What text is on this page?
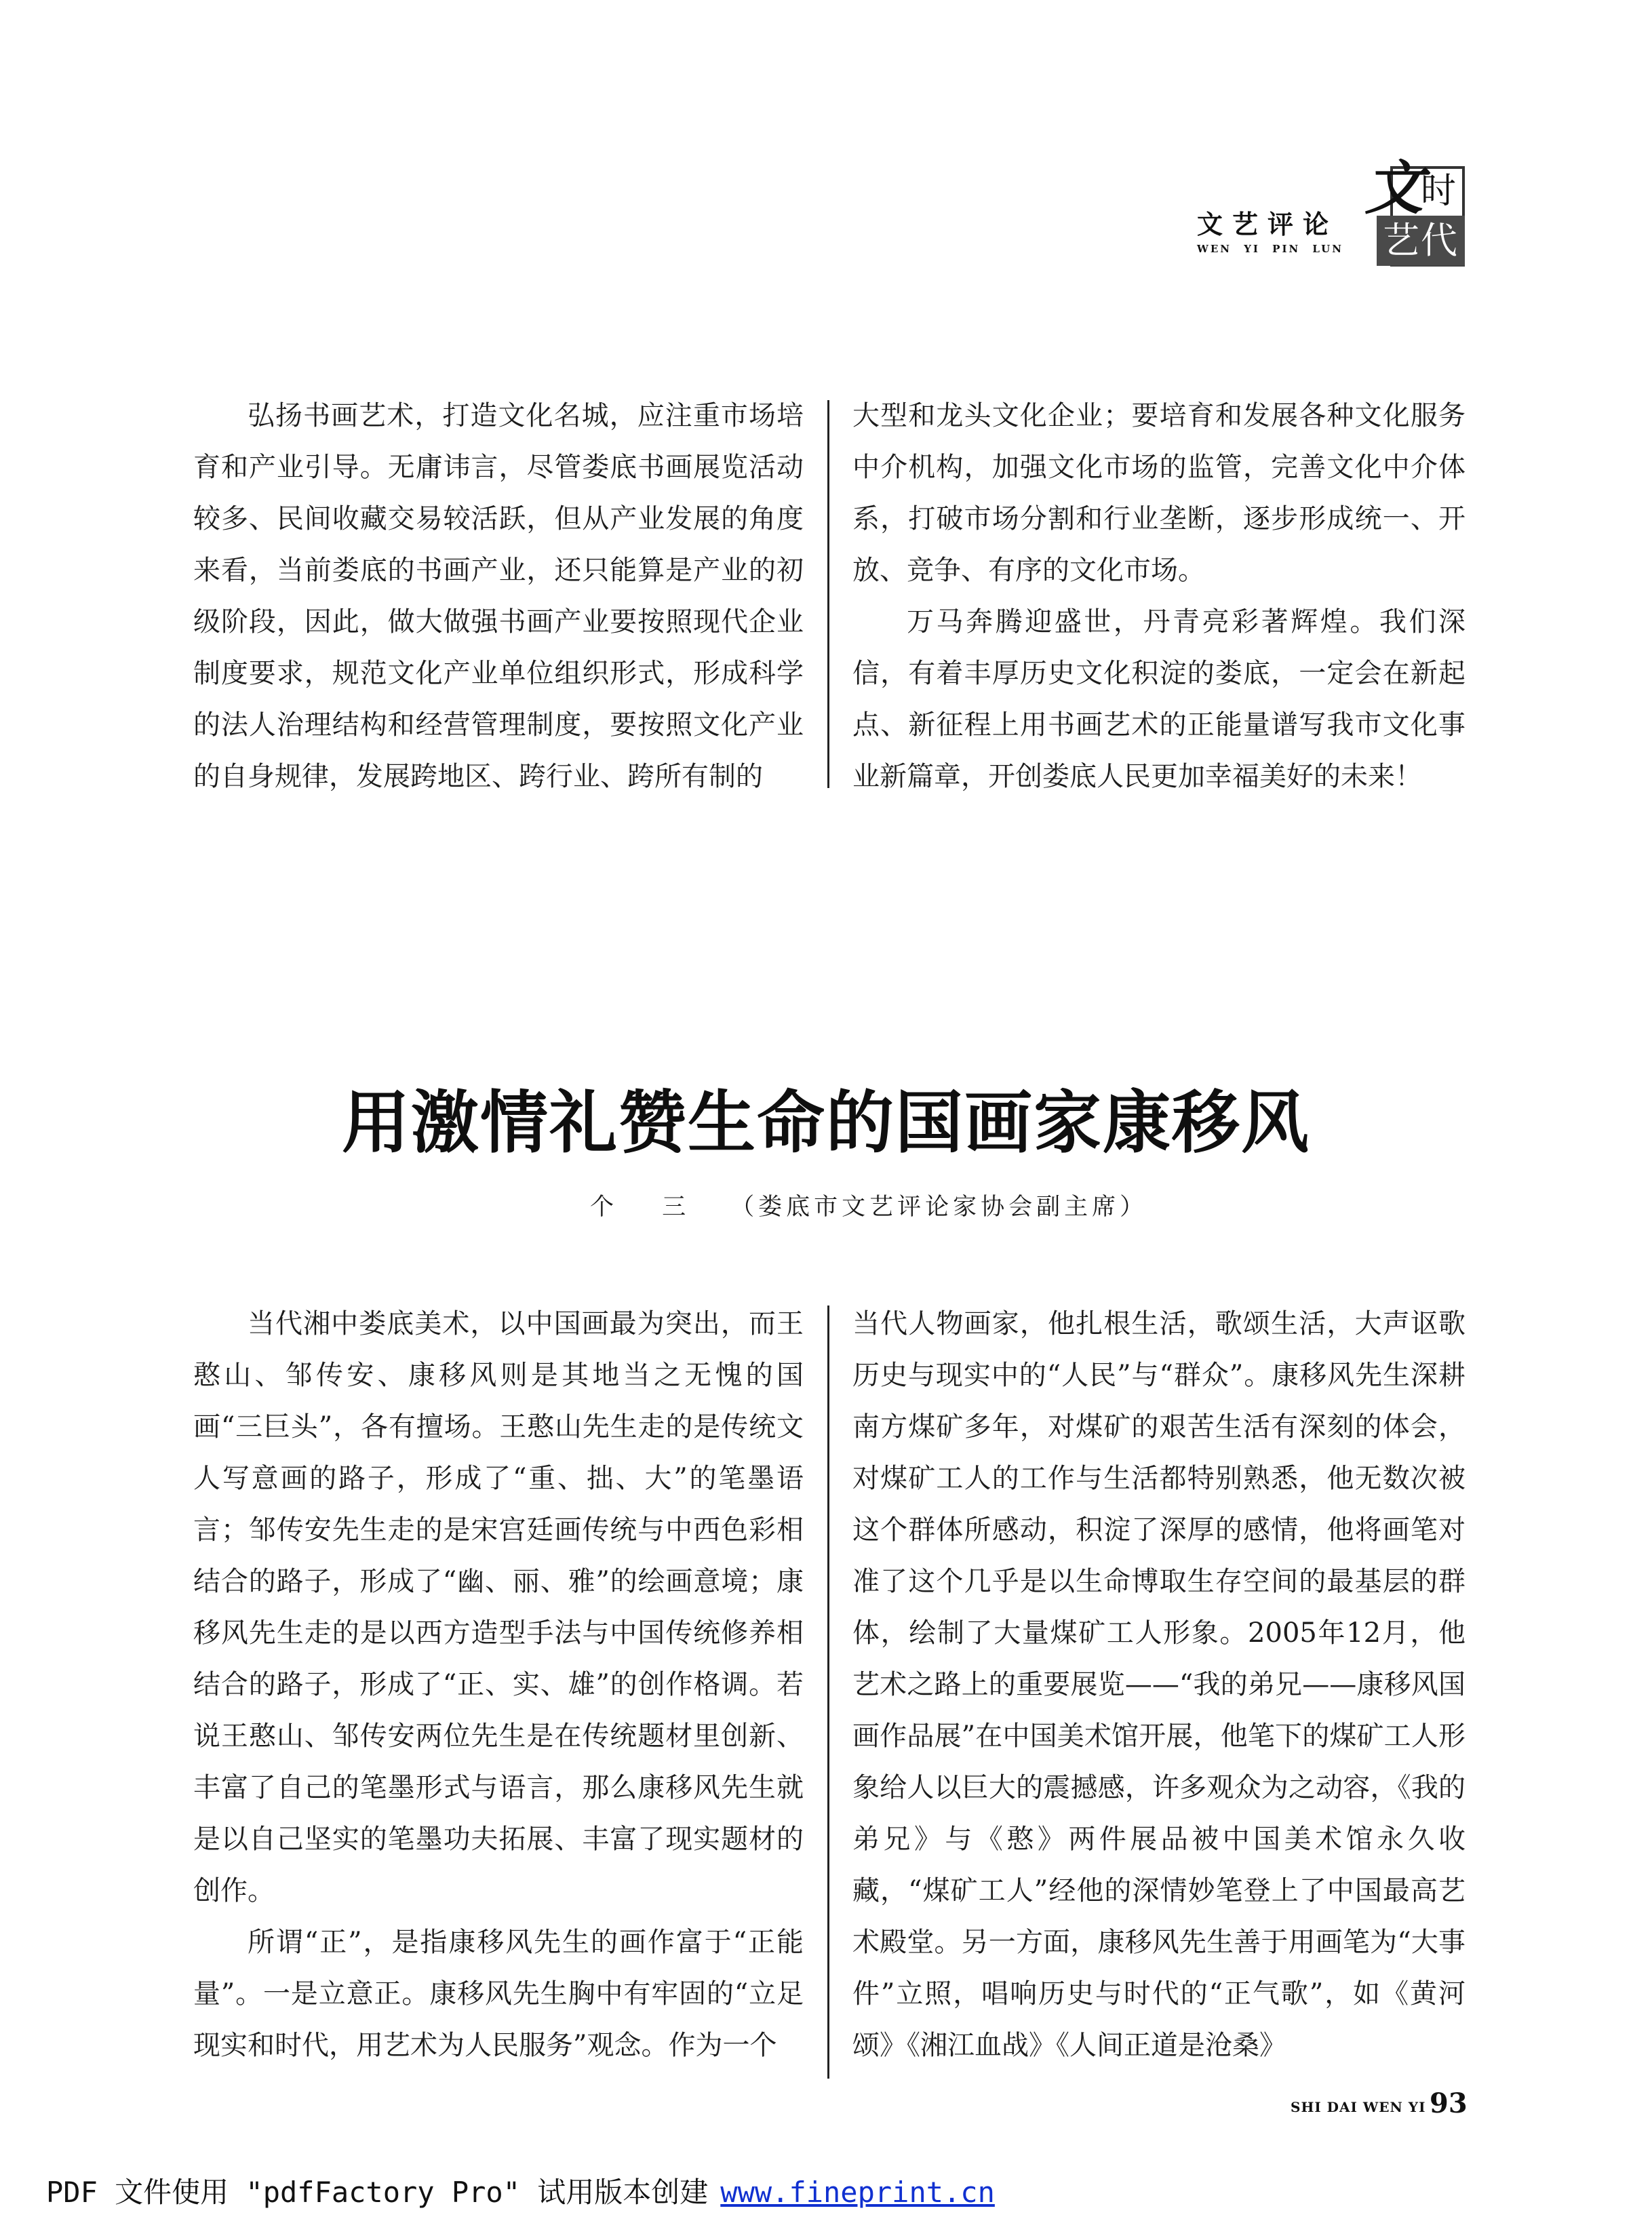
文艺评论
WEN YI PIN LUN 艺代
时
文

弘扬书画艺术，打造文化名城，应注重市场培育和产业引导。无庸讳言，尽管娄底书画展览活动较多、民间收藏交易较活跃，但从产业发展的角度来看，当前娄底的书画产业，还只能算是产业的初级阶段，因此，做大做强书画产业要按照现代企业制度要求，规范文化产业单位组织形式，形成科学的法人治理结构和经营管理制度，要按照文化产业的自身规律，发展跨地区、跨行业、跨所有制的

大型和龙头文化企业；要培育和发展各种文化服务中介机构，加强文化市场的监管，完善文化中介体系，打破市场分割和行业垄断，逐步形成统一、开放、竞争、有序的文化市场。

万马奔腾迎盛世，丹青亮彩著辉煌。我们深信，有着丰厚历史文化积淀的娄底，一定会在新起点、新征程上用书画艺术的正能量谱写我市文化事业新篇章，开创娄底人民更加幸福美好的未来！

用激情礼赞生命的国画家康移风
个 三 （娄底市文艺评论家协会副主席）

当代湘中娄底美术，以中国画最为突出，而王憨山、邹传安、康移风则是其地当之无愧的国画“三巨头”，各有擅场。王憨山先生走的是传统文人写意画的路子，形成了“重、拙、大”的笔墨语言；邹传安先生走的是宋宫廷画传统与中西色彩相结合的路子，形成了“幽、丽、雅”的绘画意境；康移风先生走的是以西方造型手法与中国传统修养相结合的路子，形成了“正、实、雄”的创作格调。若说王憨山、邹传安两位先生是在传统题材里创新、丰富了自己的笔墨形式与语言，那么康移风先生就是以自己坚实的笔墨功夫拓展、丰富了现实题材的创作。

所谓“正”，是指康移风先生的画作富于“正能量”。一是立意正。康移风先生胸中有牢固的“立足现实和时代，用艺术为人民服务”观念。作为一个

当代人物画家，他扎根生活，歌颂生活，大声讴歌历史与现实中的“人民”与“群众”。康移风先生深耕南方煤矿多年，对煤矿的艰苦生活有深刻的体会，对煤矿工人的工作与生活都特别熟悉，他无数次被这个群体所感动，积淀了深厚的感情，他将画笔对准了这个几乎是以生命博取生存空间的最基层的群体，绘制了大量煤矿工人形象。2005年12月，他艺术之路上的重要展览——“我的弟兄——康移风国画作品展”在中国美术馆开展，他笔下的煤矿工人形象给人以巨大的震撼感，许多观众为之动容，《我的弟兄》与《憨》两件展品被中国美术馆永久收藏，“煤矿工人”经他的深情妙笔登上了中国最高艺术殿堂。另一方面，康移风先生善于用画笔为“大事件”立照，唱响历史与时代的“正气歌”，如《黄河颂》《湘江血战》《人间正道是沧桑》

SHI DAI WEN YI 93
PDF 文件使用 "pdfFactory Pro" 试用版本创建 www.fineprint.cn
